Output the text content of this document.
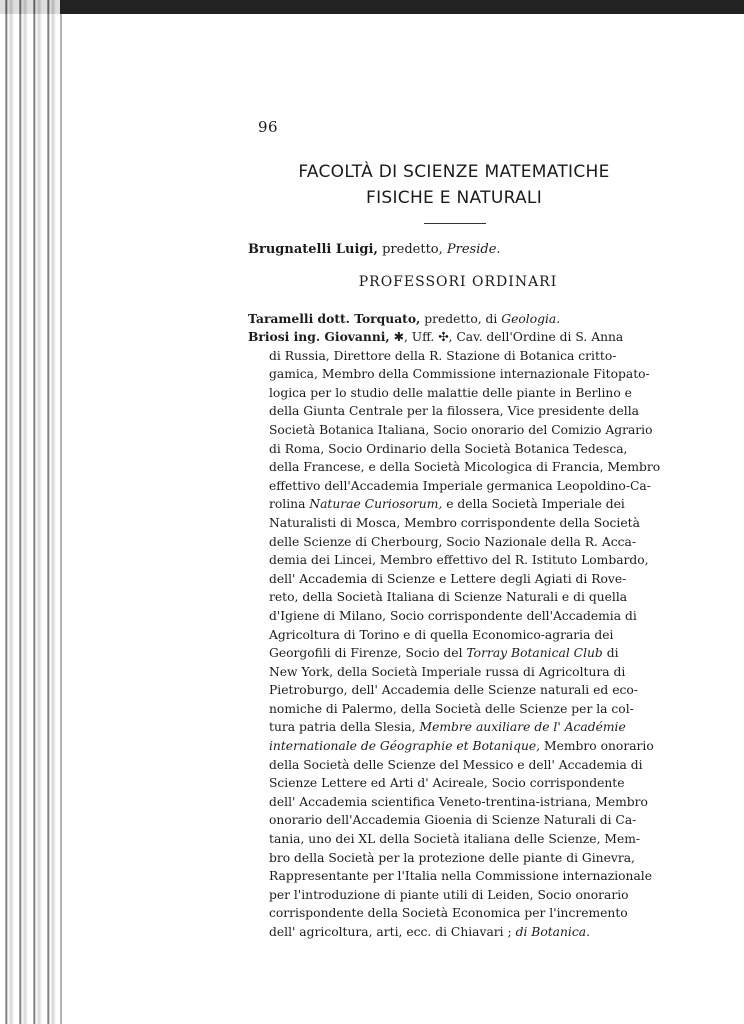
96
FACOLTÀ DI SCIENZE MATEMATICHE
FISICHE E NATURALI
Brugnatelli Luigi, predetto, Preside.
PROFESSORI ORDINARI
Taramelli dott. Torquato, predetto, di Geologia.
Briosi ing. Giovanni, ✱, Uff. ✣, Cav. dell'Ordine di S. Anna
di Russia, Direttore della R. Stazione di Botanica critto-
gamica, Membro della Commissione internazionale Fitopato-
logica per lo studio delle malattie delle piante in Berlino e
della Giunta Centrale per la filossera, Vice presidente della
Società Botanica Italiana, Socio onorario del Comizio Agrario
di Roma, Socio Ordinario della Società Botanica Tedesca,
della Francese, e della Società Micologica di Francia, Membro
effettivo dell'Accademia Imperiale germanica Leopoldino-Ca-
rolina Naturae Curiosorum, e della Società Imperiale dei
Naturalisti di Mosca, Membro corrispondente della Società
delle Scienze di Cherbourg, Socio Nazionale della R. Acca-
demia dei Lincei, Membro effettivo del R. Istituto Lombardo,
dell' Accademia di Scienze e Lettere degli Agiati di Rove-
reto, della Società Italiana di Scienze Naturali e di quella
d'Igiene di Milano, Socio corrispondente dell'Accademia di
Agricoltura di Torino e di quella Economico-agraria dei
Georgofili di Firenze, Socio del Torray Botanical Club di
New York, della Società Imperiale russa di Agricoltura di
Pietroburgo, dell' Accademia delle Scienze naturali ed eco-
nomiche di Palermo, della Società delle Scienze per la col-
tura patria della Slesia, Membre auxiliare de l' Académie
internationale de Géographie et Botanique, Membro onorario
della Società delle Scienze del Messico e dell' Accademia di
Scienze Lettere ed Arti d' Acireale, Socio corrispondente
dell' Accademia scientifica Veneto-trentina-istriana, Membro
onorario dell'Accademia Gioenia di Scienze Naturali di Ca-
tania, uno dei XL della Società italiana delle Scienze, Mem-
bro della Società per la protezione delle piante di Ginevra,
Rappresentante per l'Italia nella Commissione internazionale
per l'introduzione di piante utili di Leiden, Socio onorario
corrispondente della Società Economica per l'incremento
dell' agricoltura, arti, ecc. di Chiavari ; di Botanica.
